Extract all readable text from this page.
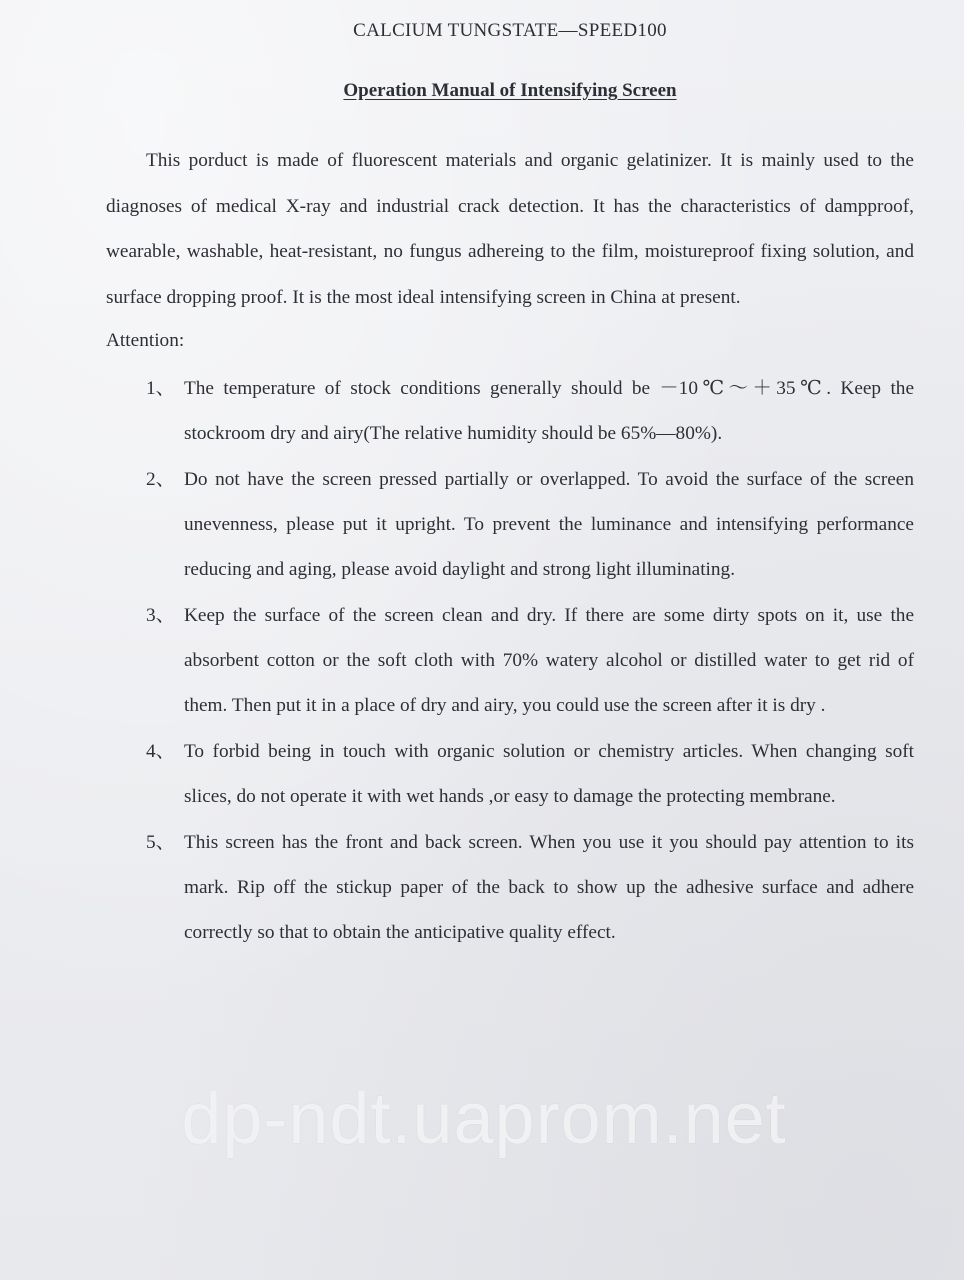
CALCIUM TUNGSTATE—SPEED100
Operation Manual of Intensifying Screen

This porduct is made of fluorescent materials and organic gelatinizer. It is mainly used to the diagnoses of medical X-ray and industrial crack detection. It has the characteristics of dampproof, wearable, washable, heat-resistant, no fungus adhereing to the film, moistureproof fixing solution, and surface dropping proof. It is the most ideal intensifying screen in China at present.

Attention:

1、 The temperature of stock conditions generally should be －10℃～＋35℃. Keep the stockroom dry and airy(The relative humidity should be 65%—80%).
2、 Do not have the screen pressed partially or overlapped. To avoid the surface of the screen unevenness, please put it upright. To prevent the luminance and intensifying performance reducing and aging, please avoid daylight and strong light illuminating.
3、 Keep the surface of the screen clean and dry. If there are some dirty spots on it, use the absorbent cotton or the soft cloth with 70% watery alcohol or distilled water to get rid of them. Then put it in a place of dry and airy, you could use the screen after it is dry .
4、 To forbid being in touch with organic solution or chemistry articles. When changing soft slices, do not operate it with wet hands ,or easy to damage the protecting membrane.
5、 This screen has the front and back screen. When you use it you should pay attention to its mark. Rip off the stickup paper of the back to show up the adhesive surface and adhere correctly so that to obtain the anticipative quality effect.
dp-ndt.uaprom.net
